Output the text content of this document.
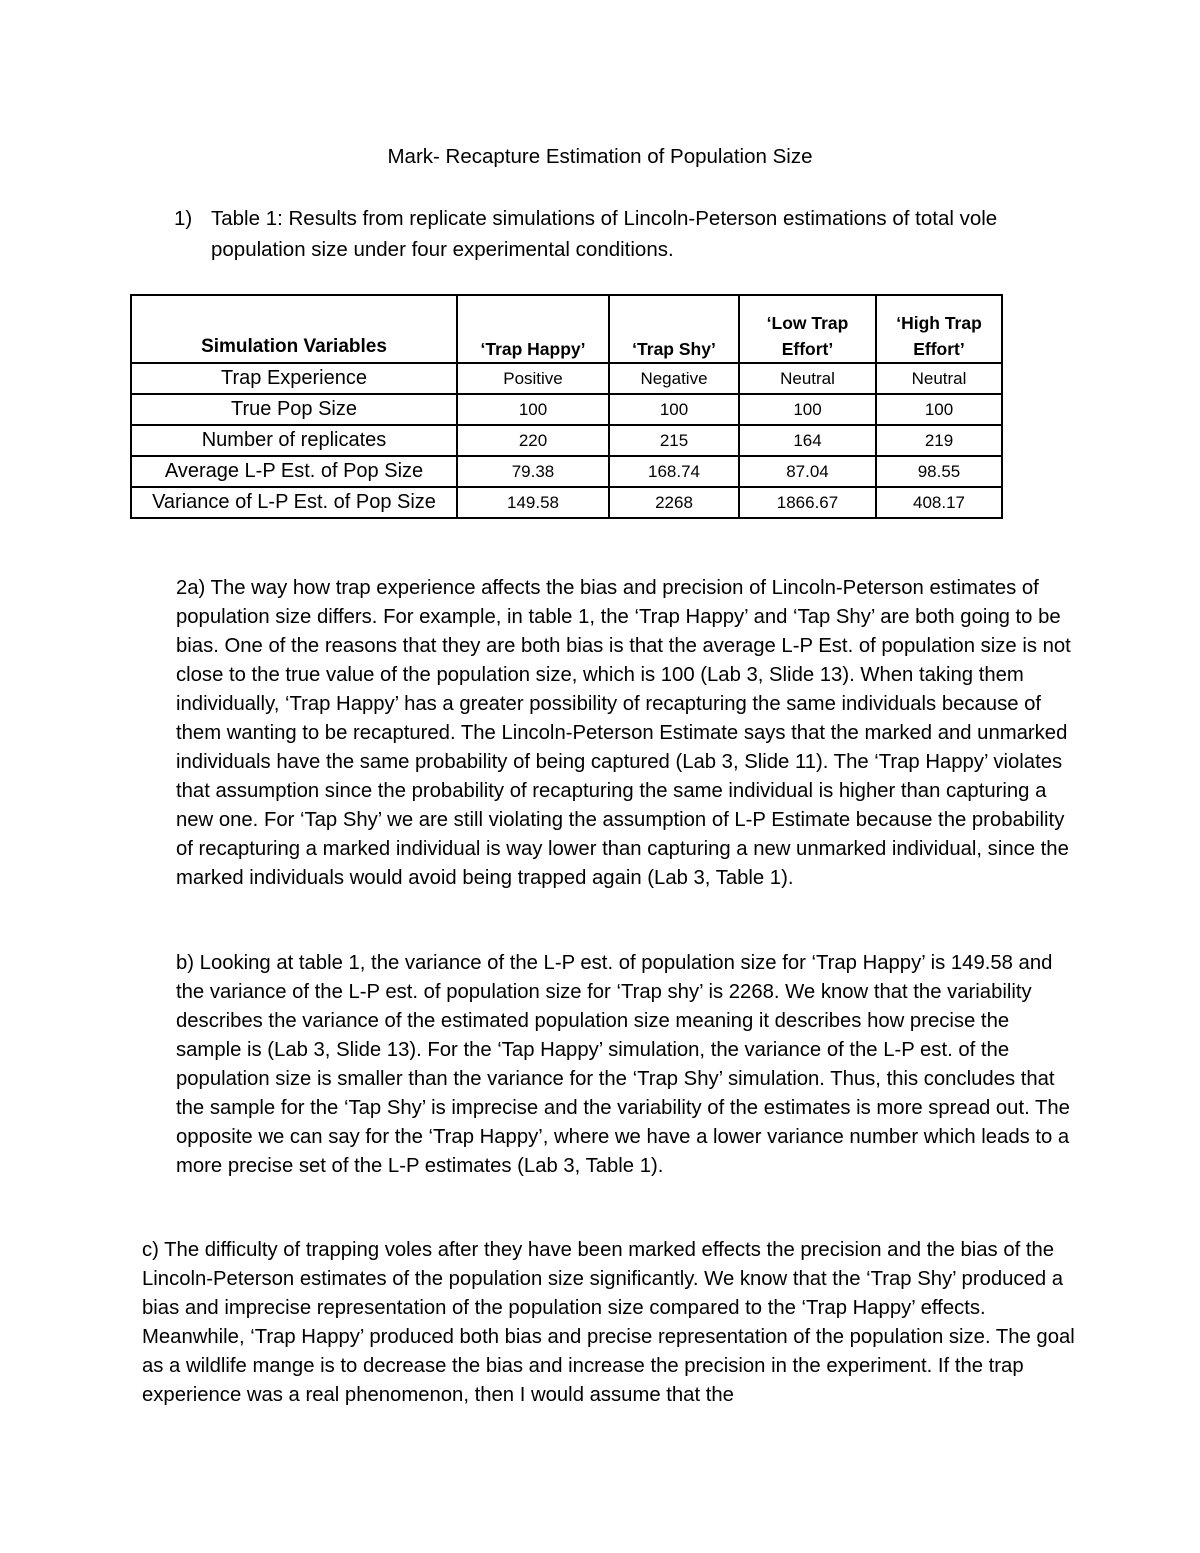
Mark- Recapture Estimation of Population Size
1) Table 1: Results from replicate simulations of Lincoln-Peterson estimations of total vole population size under four experimental conditions.
Simulation Variables	‘Trap Happy’	‘Trap Shy’	‘Low Trap Effort’	‘High Trap Effort’
Trap Experience	Positive	Negative	Neutral	Neutral
True Pop Size	100	100	100	100
Number of replicates	220	215	164	219
Average L-P Est. of Pop Size	79.38	168.74	87.04	98.55
Variance of L-P Est. of Pop Size	149.58	2268	1866.67	408.17

2a) The way how trap experience affects the bias and precision of Lincoln-Peterson estimates of population size differs. For example, in table 1, the ‘Trap Happy’ and ‘Tap Shy’ are both going to be bias. One of the reasons that they are both bias is that the average L-P Est. of population size is not close to the true value of the population size, which is 100 (Lab 3, Slide 13). When taking them individually, ‘Trap Happy’ has a greater possibility of recapturing the same individuals because of them wanting to be recaptured. The Lincoln-Peterson Estimate says that the marked and unmarked individuals have the same probability of being captured (Lab 3, Slide 11). The ‘Trap Happy’ violates that assumption since the probability of recapturing the same individual is higher than capturing a new one. For ‘Tap Shy’ we are still violating the assumption of L-P Estimate because the probability of recapturing a marked individual is way lower than capturing a new unmarked individual, since the marked individuals would avoid being trapped again (Lab 3, Table 1).

b) Looking at table 1, the variance of the L-P est. of population size for ‘Trap Happy’ is 149.58 and the variance of the L-P est. of population size for ‘Trap shy’ is 2268. We know that the variability describes the variance of the estimated population size meaning it describes how precise the sample is (Lab 3, Slide 13). For the ‘Tap Happy’ simulation, the variance of the L-P est. of the population size is smaller than the variance for the ‘Trap Shy’ simulation. Thus, this concludes that the sample for the ‘Tap Shy’ is imprecise and the variability of the estimates is more spread out. The opposite we can say for the ‘Trap Happy’, where we have a lower variance number which leads to a more precise set of the L-P estimates (Lab 3, Table 1).

c) The difficulty of trapping voles after they have been marked effects the precision and the bias of the Lincoln-Peterson estimates of the population size significantly. We know that the ‘Trap Shy’ produced a bias and imprecise representation of the population size compared to the ‘Trap Happy’ effects. Meanwhile, ‘Trap Happy’ produced both bias and precise representation of the population size. The goal as a wildlife mange is to decrease the bias and increase the precision in the experiment. If the trap experience was a real phenomenon, then I would assume that the
